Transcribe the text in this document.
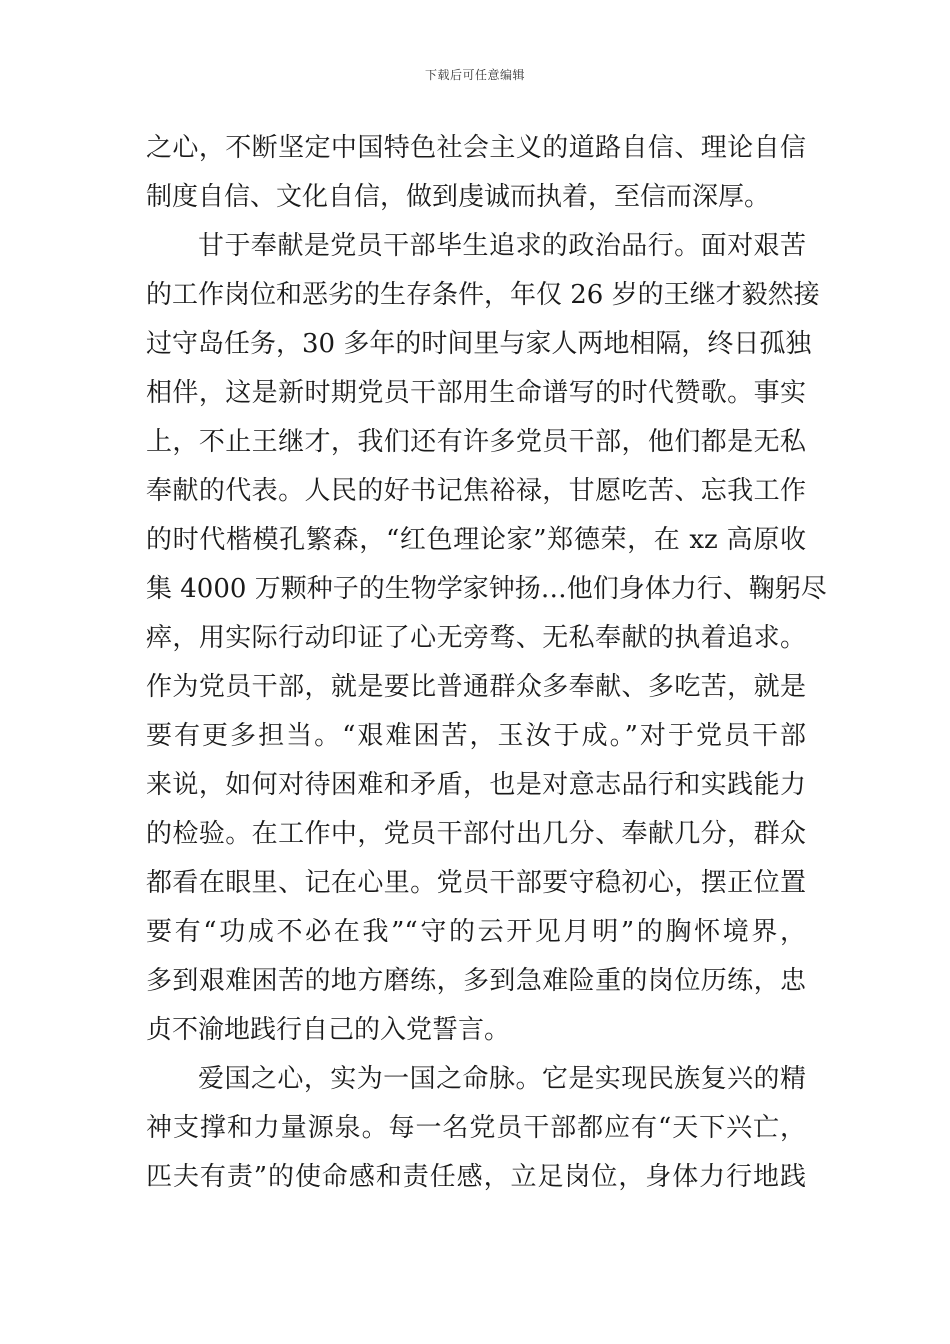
下载后可任意编辑
之心，不断坚定中国特色社会主义的道路自信、理论自信
制度自信、文化自信，做到虔诚而执着，至信而深厚。
甘于奉献是党员干部毕生追求的政治品行。面对艰苦
的工作岗位和恶劣的生存条件，年仅 26 岁的王继才毅然接
过守岛任务，30 多年的时间里与家人两地相隔，终日孤独
相伴，这是新时期党员干部用生命谱写的时代赞歌。事实
上，不止王继才，我们还有许多党员干部，他们都是无私
奉献的代表。人民的好书记焦裕禄，甘愿吃苦、忘我工作
的时代楷模孔繁森，“红色理论家”郑德荣，在 xz 高原收
集 4000 万颗种子的生物学家钟扬…他们身体力行、鞠躬尽
瘁，用实际行动印证了心无旁骛、无私奉献的执着追求。
作为党员干部，就是要比普通群众多奉献、多吃苦，就是
要有更多担当。“艰难困苦，玉汝于成。”对于党员干部
来说，如何对待困难和矛盾，也是对意志品行和实践能力
的检验。在工作中，党员干部付出几分、奉献几分，群众
都看在眼里、记在心里。党员干部要守稳初心，摆正位置
要有“功成不必在我”“守的云开见月明”的胸怀境界，
多到艰难困苦的地方磨练，多到急难险重的岗位历练，忠
贞不渝地践行自己的入党誓言。
爱国之心，实为一国之命脉。它是实现民族复兴的精
神支撑和力量源泉。每一名党员干部都应有“天下兴亡，
匹夫有责”的使命感和责任感，立足岗位，身体力行地践
